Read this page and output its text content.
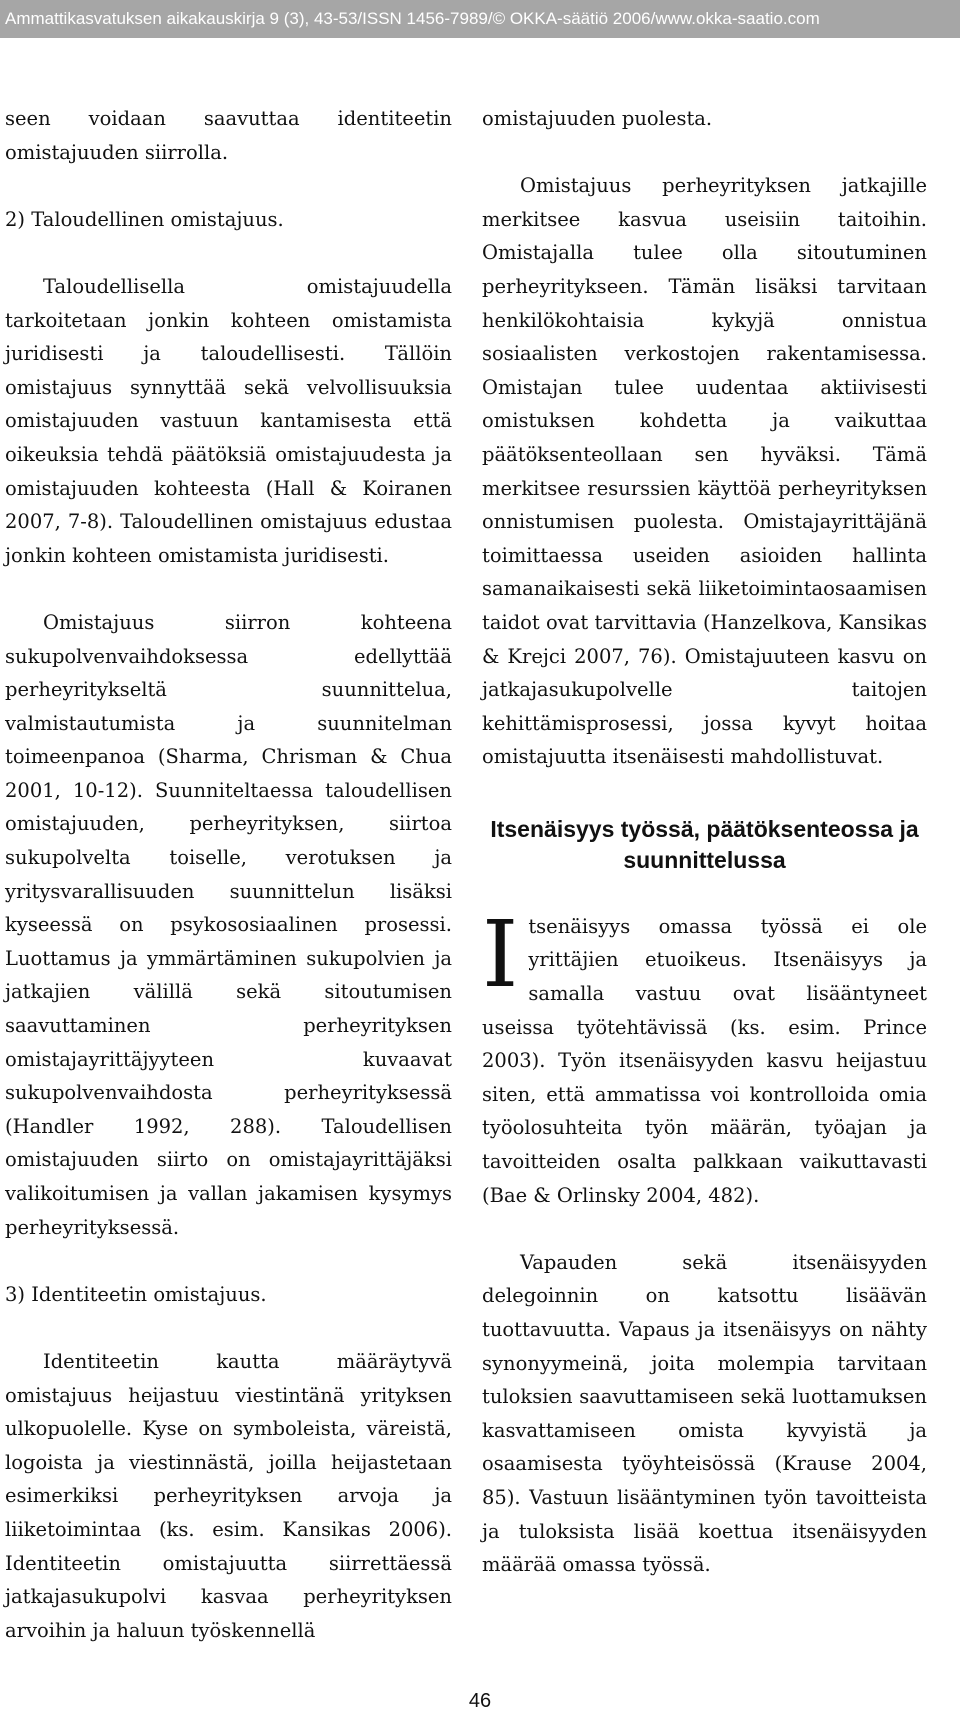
Ammattikasvatuksen aikakauskirja 9 (3), 43-53/ISSN 1456-7989/© OKKA-säätiö 2006/www.okka-saatio.com

seen voidaan saavuttaa identiteetin omistajuuden siirrolla.

2) Taloudellinen omistajuus.

Taloudellisella omistajuudella tarkoitetaan jonkin kohteen omistamista juridisesti ja taloudellisesti. Tällöin omistajuus synnyttää sekä velvollisuuksia omistajuuden vastuun kantamisesta että oikeuksia tehdä päätöksiä omistajuudesta ja omistajuuden kohteesta (Hall & Koiranen 2007, 7-8). Taloudellinen omistajuus edustaa jonkin kohteen omistamista juridisesti.

Omistajuus siirron kohteena sukupolvenvaihdoksessa edellyttää perheyritykseltä suunnittelua, valmistautumista ja suunnitelman toimeenpanoa (Sharma, Chrisman & Chua 2001, 10-12). Suunniteltaessa taloudellisen omistajuuden, perheyrityksen, siirtoa sukupolvelta toiselle, verotuksen ja yritysvarallisuuden suunnittelun lisäksi kyseessä on psykososiaalinen prosessi. Luottamus ja ymmärtäminen sukupolvien ja jatkajien välillä sekä sitoutumisen saavuttaminen perheyrityksen omistajayrittäjyyteen kuvaavat sukupolvenvaihdosta perheyrityksessä (Handler 1992, 288). Taloudellisen omistajuuden siirto on omistajayrittäjäksi valikoitumisen ja vallan jakamisen kysymys perheyrityksessä.

3) Identiteetin omistajuus.

Identiteetin kautta määräytyvä omistajuus heijastuu viestintänä yrityksen ulkopuolelle. Kyse on symboleista, väreistä, logoista ja viestinnästä, joilla heijastetaan esimerkiksi perheyrityksen arvoja ja liiketoimintaa (ks. esim. Kansikas 2006). Identiteetin omistajuutta siirrettäessä jatkajasukupolvi kasvaa perheyrityksen arvoihin ja haluun työskennellä

omistajuuden puolesta.

Omistajuus perheyrityksen jatkajille merkitsee kasvua useisiin taitoihin. Omistajalla tulee olla sitoutuminen perheyritykseen. Tämän lisäksi tarvitaan henkilökohtaisia kykyjä onnistua sosiaalisten verkostojen rakentamisessa. Omistajan tulee uudentaa aktiivisesti omistuksen kohdetta ja vaikuttaa päätöksenteollaan sen hyväksi. Tämä merkitsee resurssien käyttöä perheyrityksen onnistumisen puolesta. Omistajayrittäjänä toimittaessa useiden asioiden hallinta samanaikaisesti sekä liiketoimintaosaamisen taidot ovat tarvittavia (Hanzelkova, Kansikas & Krejci 2007, 76). Omistajuuteen kasvu on jatkajasukupolvelle taitojen kehittämisprosessi, jossa kyvyt hoitaa omistajuutta itsenäisesti mahdollistuvat.

Itsenäisyys työssä, päätöksenteossa ja suunnittelussa

Itsenäisyys omassa työssä ei ole yrittäjien etuoikeus. Itsenäisyys ja samalla vastuu ovat lisääntyneet useissa työtehtävissä (ks. esim. Prince 2003). Työn itsenäisyyden kasvu heijastuu siten, että ammatissa voi kontrolloida omia työolosuhteita työn määrän, työajan ja tavoitteiden osalta palkkaan vaikuttavasti (Bae & Orlinsky 2004, 482).

Vapauden sekä itsenäisyyden delegoinnin on katsottu lisäävän tuottavuutta. Vapaus ja itsenäisyys on nähty synonyymeinä, joita molempia tarvitaan tuloksien saavuttamiseen sekä luottamuksen kasvattamiseen omista kyvyistä ja osaamisesta työyhteisössä (Krause 2004, 85). Vastuun lisääntyminen työn tavoitteista ja tuloksista lisää koettua itsenäisyyden määrää omassa työssä.

46
